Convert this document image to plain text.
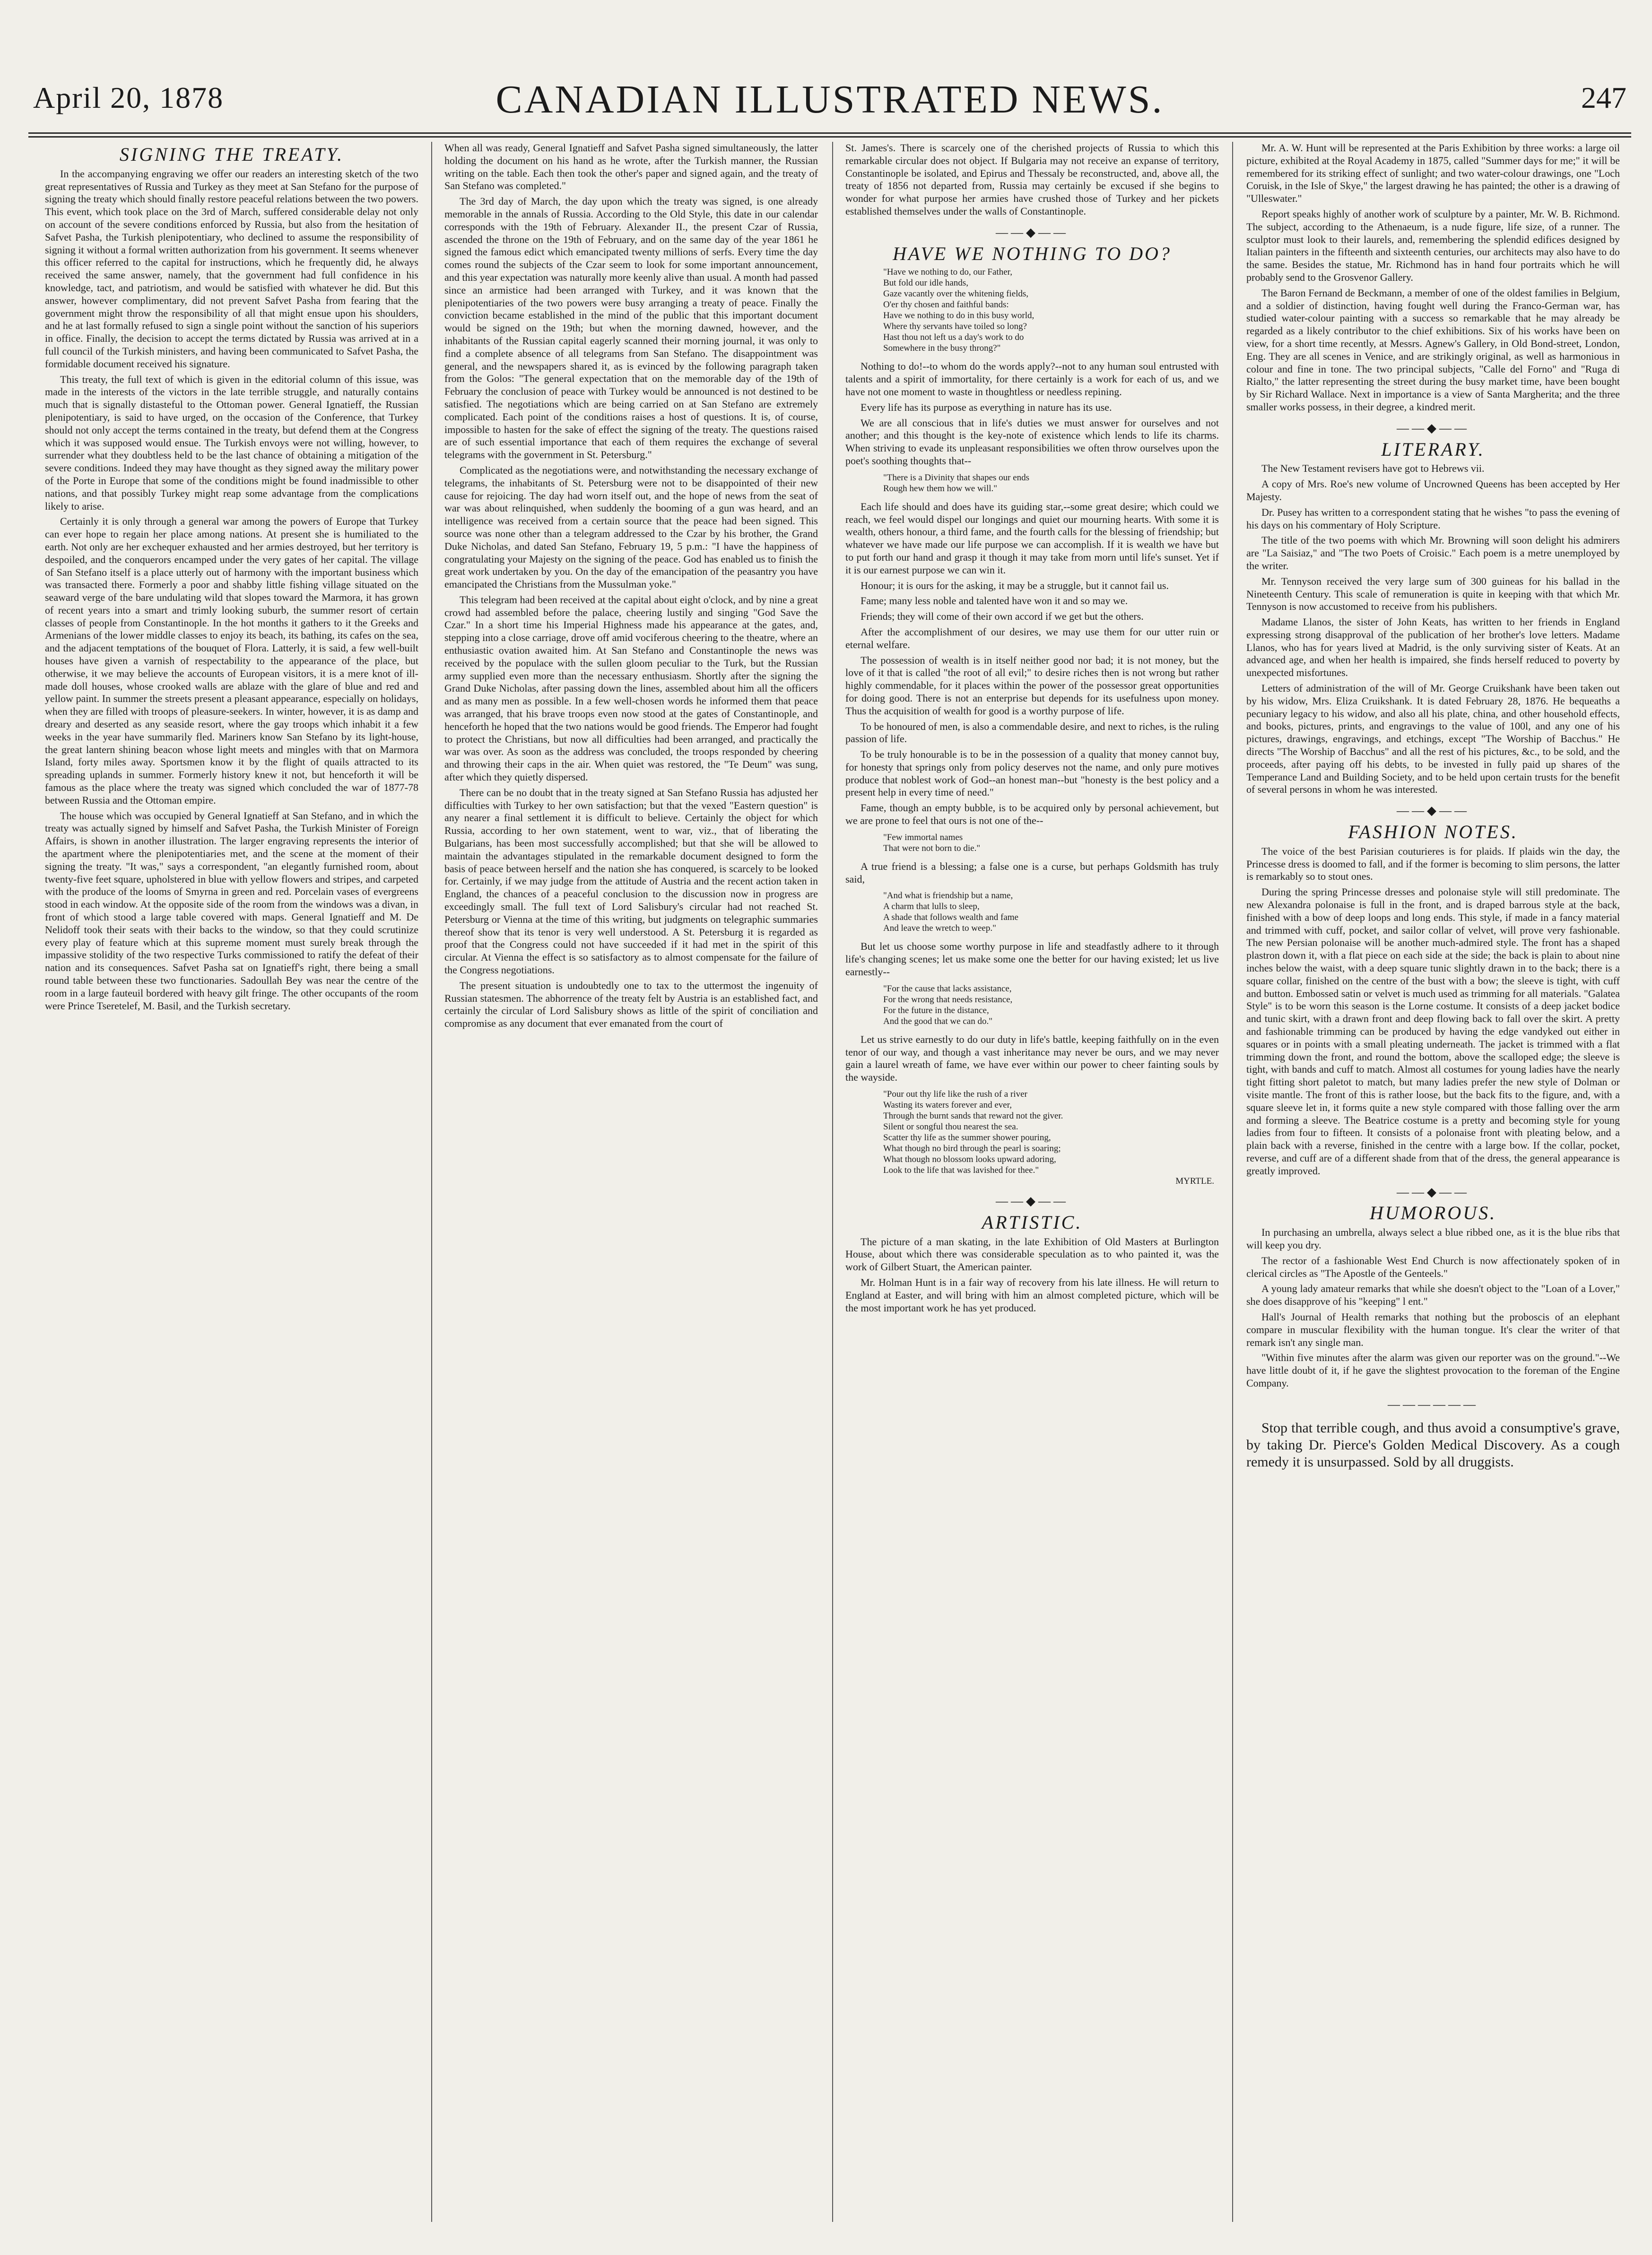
April 20, 1878	CANADIAN ILLUSTRATED NEWS.	247
SIGNING THE TREATY.

In the accompanying engraving we offer our readers an interesting sketch of the two great representatives of Russia and Turkey as they meet at San Stefano for the purpose of signing the treaty which should finally restore peaceful relations between the two powers. This event, which took place on the 3rd of March, suffered considerable delay not only on account of the severe conditions enforced by Russia, but also from the hesitation of Safvet Pasha, the Turkish plenipotentiary, who declined to assume the responsibility of signing it without a formal written authorization from his government. It seems whenever this officer referred to the capital for instructions, which he frequently did, he always received the same answer, namely, that the government had full confidence in his knowledge, tact, and patriotism, and would be satisfied with whatever he did. But this answer, however complimentary, did not prevent Safvet Pasha from fearing that the government might throw the responsibility of all that might ensue upon his shoulders, and he at last formally refused to sign a single point without the sanction of his superiors in office. Finally, the decision to accept the terms dictated by Russia was arrived at in a full council of the Turkish ministers, and having been communicated to Safvet Pasha, the formidable document received his signature.

This treaty, the full text of which is given in the editorial column of this issue, was made in the interests of the victors in the late terrible struggle, and naturally contains much that is signally distasteful to the Ottoman power. General Ignatieff, the Russian plenipotentiary, is said to have urged, on the occasion of the Conference, that Turkey should not only accept the terms contained in the treaty, but defend them at the Congress which it was supposed would ensue. The Turkish envoys were not willing, however, to surrender what they doubtless held to be the last chance of obtaining a mitigation of the severe conditions. Indeed they may have thought as they signed away the military power of the Porte in Europe that some of the conditions might be found inadmissible to other nations, and that possibly Turkey might reap some advantage from the complications likely to arise.

Certainly it is only through a general war among the powers of Europe that Turkey can ever hope to regain her place among nations. At present she is humiliated to the earth. Not only are her exchequer exhausted and her armies destroyed, but her territory is despoiled, and the conquerors encamped under the very gates of her capital. The village of San Stefano itself is a place utterly out of harmony with the important business which was transacted there. Formerly a poor and shabby little fishing village situated on the seaward verge of the bare undulating wild that slopes toward the Marmora, it has grown of recent years into a smart and trimly looking suburb, the summer resort of certain classes of people from Constantinople. In the hot months it gathers to it the Greeks and Armenians of the lower middle classes to enjoy its beach, its bathing, its cafes on the sea, and the adjacent temptations of the bouquet of Flora. Latterly, it is said, a few well-built houses have given a varnish of respectability to the appearance of the place, but otherwise, it we may believe the accounts of European visitors, it is a mere knot of ill-made doll houses, whose crooked walls are ablaze with the glare of blue and red and yellow paint. In summer the streets present a pleasant appearance, especially on holidays, when they are filled with troops of pleasure-seekers. In winter, however, it is as damp and dreary and deserted as any seaside resort, where the gay troops which inhabit it a few weeks in the year have summarily fled. Mariners know San Stefano by its light-house, the great lantern shining beacon whose light meets and mingles with that on Marmora Island, forty miles away. Sportsmen know it by the flight of quails attracted to its spreading uplands in summer. Formerly history knew it not, but henceforth it will be famous as the place where the treaty was signed which concluded the war of 1877-78 between Russia and the Ottoman empire.

The house which was occupied by General Ignatieff at San Stefano, and in which the treaty was actually signed by himself and Safvet Pasha, the Turkish Minister of Foreign Affairs, is shown in another illustration. The larger engraving represents the interior of the apartment where the plenipotentiaries met, and the scene at the moment of their signing the treaty. "It was," says a correspondent, "an elegantly furnished room, about twenty-five feet square, upholstered in blue with yellow flowers and stripes, and carpeted with the produce of the looms of Smyrna in green and red. Porcelain vases of evergreens stood in each window. At the opposite side of the room from the windows was a divan, in front of which stood a large table covered with maps. General Ignatieff and M. De Nelidoff took their seats with their backs to the window, so that they could scrutinize every play of feature which at this supreme moment must surely break through the impassive stolidity of the two respective Turks commissioned to ratify the defeat of their nation and its consequences. Safvet Pasha sat on Ignatieff's right, there being a small round table between these two functionaries. Sadoullah Bey was near the centre of the room in a large fauteuil bordered with heavy gilt fringe. The other occupants of the room were Prince Tseretelef, M. Basil, and the Turkish secretary.

When all was ready, General Ignatieff and Safvet Pasha signed simultaneously, the latter holding the document on his hand as he wrote, after the Turkish manner, the Russian writing on the table. Each then took the other's paper and signed again, and the treaty of San Stefano was completed."

The 3rd day of March, the day upon which the treaty was signed, is one already memorable in the annals of Russia. According to the Old Style, this date in our calendar corresponds with the 19th of February. Alexander II., the present Czar of Russia, ascended the throne on the 19th of February, and on the same day of the year 1861 he signed the famous edict which emancipated twenty millions of serfs. Every time the day comes round the subjects of the Czar seem to look for some important announcement, and this year expectation was naturally more keenly alive than usual. A month had passed since an armistice had been arranged with Turkey, and it was known that the plenipotentiaries of the two powers were busy arranging a treaty of peace. Finally the conviction became established in the mind of the public that this important document would be signed on the 19th; but when the morning dawned, however, and the inhabitants of the Russian capital eagerly scanned their morning journal, it was only to find a complete absence of all telegrams from San Stefano. The disappointment was general, and the newspapers shared it, as is evinced by the following paragraph taken from the Golos: "The general expectation that on the memorable day of the 19th of February the conclusion of peace with Turkey would be announced is not destined to be satisfied. The negotiations which are being carried on at San Stefano are extremely complicated. Each point of the conditions raises a host of questions. It is, of course, impossible to hasten for the sake of effect the signing of the treaty. The questions raised are of such essential importance that each of them requires the exchange of several telegrams with the government in St. Petersburg."

Complicated as the negotiations were, and notwithstanding the necessary exchange of telegrams, the inhabitants of St. Petersburg were not to be disappointed of their new cause for rejoicing. The day had worn itself out, and the hope of news from the seat of war was about relinquished, when suddenly the booming of a gun was heard, and an intelligence was received from a certain source that the peace had been signed. This source was none other than a telegram addressed to the Czar by his brother, the Grand Duke Nicholas, and dated San Stefano, February 19, 5 p.m.: "I have the happiness of congratulating your Majesty on the signing of the peace. God has enabled us to finish the great work undertaken by you. On the day of the emancipation of the peasantry you have emancipated the Christians from the Mussulman yoke."

This telegram had been received at the capital about eight o'clock, and by nine a great crowd had assembled before the palace, cheering lustily and singing "God Save the Czar." In a short time his Imperial Highness made his appearance at the gates, and, stepping into a close carriage, drove off amid vociferous cheering to the theatre, where an enthusiastic ovation awaited him. At San Stefano and Constantinople the news was received by the populace with the sullen gloom peculiar to the Turk, but the Russian army supplied even more than the necessary enthusiasm. Shortly after the signing the Grand Duke Nicholas, after passing down the lines, assembled about him all the officers and as many men as possible. In a few well-chosen words he informed them that peace was arranged, that his brave troops even now stood at the gates of Constantinople, and henceforth he hoped that the two nations would be good friends. The Emperor had fought to protect the Christians, but now all difficulties had been arranged, and practically the war was over. As soon as the address was concluded, the troops responded by cheering and throwing their caps in the air. When quiet was restored, the "Te Deum" was sung, after which they quietly dispersed.

There can be no doubt that in the treaty signed at San Stefano Russia has adjusted her difficulties with Turkey to her own satisfaction; but that the vexed "Eastern question" is any nearer a final settlement it is difficult to believe. Certainly the object for which Russia, according to her own statement, went to war, viz., that of liberating the Bulgarians, has been most successfully accomplished; but that she will be allowed to maintain the advantages stipulated in the remarkable document designed to form the basis of peace between herself and the nation she has conquered, is scarcely to be looked for. Certainly, if we may judge from the attitude of Austria and the recent action taken in England, the chances of a peaceful conclusion to the discussion now in progress are exceedingly small. The full text of Lord Salisbury's circular had not reached St. Petersburg or Vienna at the time of this writing, but judgments on telegraphic summaries thereof show that its tenor is very well understood. A St. Petersburg it is regarded as proof that the Congress could not have succeeded if it had met in the spirit of this circular. At Vienna the effect is so satisfactory as to almost compensate for the failure of the Congress negotiations.

The present situation is undoubtedly one to tax to the uttermost the ingenuity of Russian statesmen. The abhorrence of the treaty felt by Austria is an established fact, and certainly the circular of Lord Salisbury shows as little of the spirit of conciliation and compromise as any document that ever emanated from the court of

St. James's. There is scarcely one of the cherished projects of Russia to which this remarkable circular does not object. If Bulgaria may not receive an expanse of territory, Constantinople be isolated, and Epirus and Thessaly be reconstructed, and, above all, the treaty of 1856 not departed from, Russia may certainly be excused if she begins to wonder for what purpose her armies have crushed those of Turkey and her pickets established themselves under the walls of Constantinople.

——◆——
HAVE WE NOTHING TO DO?
"Have we nothing to do, our Father,
But fold our idle hands,
Gaze vacantly over the whitening fields,
O'er thy chosen and faithful bands:
Have we nothing to do in this busy world,
Where thy servants have toiled so long?
Hast thou not left us a day's work to do
Somewhere in the busy throng?"

Nothing to do!--to whom do the words apply?--not to any human soul entrusted with talents and a spirit of immortality, for there certainly is a work for each of us, and we have not one moment to waste in thoughtless or needless repining.

Every life has its purpose as everything in nature has its use.

We are all conscious that in life's duties we must answer for ourselves and not another; and this thought is the key-note of existence which lends to life its charms. When striving to evade its unpleasant responsibilities we often throw ourselves upon the poet's soothing thoughts that--

"There is a Divinity that shapes our ends
Rough hew them how we will."

Each life should and does have its guiding star,--some great desire; which could we reach, we feel would dispel our longings and quiet our mourning hearts. With some it is wealth, others honour, a third fame, and the fourth calls for the blessing of friendship; but whatever we have made our life purpose we can accomplish. If it is wealth we have but to put forth our hand and grasp it though it may take from morn until life's sunset. Yet if it is our earnest purpose we can win it.

Honour; it is ours for the asking, it may be a struggle, but it cannot fail us.

Fame; many less noble and talented have won it and so may we.

Friends; they will come of their own accord if we get but the others.

After the accomplishment of our desires, we may use them for our utter ruin or eternal welfare.

The possession of wealth is in itself neither good nor bad; it is not money, but the love of it that is called "the root of all evil;" to desire riches then is not wrong but rather highly commendable, for it places within the power of the possessor great opportunities for doing good. There is not an enterprise but depends for its usefulness upon money. Thus the acquisition of wealth for good is a worthy purpose of life.

To be honoured of men, is also a commendable desire, and next to riches, is the ruling passion of life.

To be truly honourable is to be in the possession of a quality that money cannot buy, for honesty that springs only from policy deserves not the name, and only pure motives produce that noblest work of God--an honest man--but "honesty is the best policy and a present help in every time of need."

Fame, though an empty bubble, is to be acquired only by personal achievement, but we are prone to feel that ours is not one of the--

"Few immortal names
That were not born to die."

A true friend is a blessing; a false one is a curse, but perhaps Goldsmith has truly said,

"And what is friendship but a name,
A charm that lulls to sleep,
A shade that follows wealth and fame
And leave the wretch to weep."

But let us choose some worthy purpose in life and steadfastly adhere to it through life's changing scenes; let us make some one the better for our having existed; let us live earnestly--

"For the cause that lacks assistance,
For the wrong that needs resistance,
For the future in the distance,
And the good that we can do."

Let us strive earnestly to do our duty in life's battle, keeping faithfully on in the even tenor of our way, and though a vast inheritance may never be ours, and we may never gain a laurel wreath of fame, we have ever within our power to cheer fainting souls by the wayside.

"Pour out thy life like the rush of a river
Wasting its waters forever and ever,
Through the burnt sands that reward not the giver.
Silent or songful thou nearest the sea.
Scatter thy life as the summer shower pouring,
What though no bird through the pearl is soaring;
What though no blossom looks upward adoring,
Look to the life that was lavished for thee."
MYRTLE.
——◆——
ARTISTIC.

The picture of a man skating, in the late Exhibition of Old Masters at Burlington House, about which there was considerable speculation as to who painted it, was the work of Gilbert Stuart, the American painter.

Mr. Holman Hunt is in a fair way of recovery from his late illness. He will return to England at Easter, and will bring with him an almost completed picture, which will be the most important work he has yet produced.

Mr. A. W. Hunt will be represented at the Paris Exhibition by three works: a large oil picture, exhibited at the Royal Academy in 1875, called "Summer days for me;" it will be remembered for its striking effect of sunlight; and two water-colour drawings, one "Loch Coruisk, in the Isle of Skye," the largest drawing he has painted; the other is a drawing of "Ulleswater."

Report speaks highly of another work of sculpture by a painter, Mr. W. B. Richmond. The subject, according to the Athenaeum, is a nude figure, life size, of a runner. The sculptor must look to their laurels, and, remembering the splendid edifices designed by Italian painters in the fifteenth and sixteenth centuries, our architects may also have to do the same. Besides the statue, Mr. Richmond has in hand four portraits which he will probably send to the Grosvenor Gallery.

The Baron Fernand de Beckmann, a member of one of the oldest families in Belgium, and a soldier of distinction, having fought well during the Franco-German war, has studied water-colour painting with a success so remarkable that he may already be regarded as a likely contributor to the chief exhibitions. Six of his works have been on view, for a short time recently, at Messrs. Agnew's Gallery, in Old Bond-street, London, Eng. They are all scenes in Venice, and are strikingly original, as well as harmonious in colour and fine in tone. The two principal subjects, "Calle del Forno" and "Ruga di Rialto," the latter representing the street during the busy market time, have been bought by Sir Richard Wallace. Next in importance is a view of Santa Margherita; and the three smaller works possess, in their degree, a kindred merit.

——◆——
LITERARY.

The New Testament revisers have got to Hebrews vii.

A copy of Mrs. Roe's new volume of Uncrowned Queens has been accepted by Her Majesty.

Dr. Pusey has written to a correspondent stating that he wishes "to pass the evening of his days on his commentary of Holy Scripture.

The title of the two poems with which Mr. Browning will soon delight his admirers are "La Saisiaz," and "The two Poets of Croisic." Each poem is a metre unemployed by the writer.

Mr. Tennyson received the very large sum of 300 guineas for his ballad in the Nineteenth Century. This scale of remuneration is quite in keeping with that which Mr. Tennyson is now accustomed to receive from his publishers.

Madame Llanos, the sister of John Keats, has written to her friends in England expressing strong disapproval of the publication of her brother's love letters. Madame Llanos, who has for years lived at Madrid, is the only surviving sister of Keats. At an advanced age, and when her health is impaired, she finds herself reduced to poverty by unexpected misfortunes.

Letters of administration of the will of Mr. George Cruikshank have been taken out by his widow, Mrs. Eliza Cruikshank. It is dated February 28, 1876. He bequeaths a pecuniary legacy to his widow, and also all his plate, china, and other household effects, and books, pictures, prints, and engravings to the value of 100l, and any one of his pictures, drawings, engravings, and etchings, except "The Worship of Bacchus." He directs "The Worship of Bacchus" and all the rest of his pictures, &c., to be sold, and the proceeds, after paying off his debts, to be invested in fully paid up shares of the Temperance Land and Building Society, and to be held upon certain trusts for the benefit of several persons in whom he was interested.

——◆——
FASHION NOTES.

The voice of the best Parisian couturieres is for plaids. If plaids win the day, the Princesse dress is doomed to fall, and if the former is becoming to slim persons, the latter is remarkably so to stout ones.

During the spring Princesse dresses and polonaise style will still predominate. The new Alexandra polonaise is full in the front, and is draped barrous style at the back, finished with a bow of deep loops and long ends. This style, if made in a fancy material and trimmed with cuff, pocket, and sailor collar of velvet, will prove very fashionable. The new Persian polonaise will be another much-admired style. The front has a shaped plastron down it, with a flat piece on each side at the side; the back is plain to about nine inches below the waist, with a deep square tunic slightly drawn in to the back; there is a square collar, finished on the centre of the bust with a bow; the sleeve is tight, with cuff and button. Embossed satin or velvet is much used as trimming for all materials. "Galatea Style" is to be worn this season is the Lorne costume. It consists of a deep jacket bodice and tunic skirt, with a drawn front and deep flowing back to fall over the skirt. A pretty and fashionable trimming can be produced by having the edge vandyked out either in squares or in points with a small pleating underneath. The jacket is trimmed with a flat trimming down the front, and round the bottom, above the scalloped edge; the sleeve is tight, with bands and cuff to match. Almost all costumes for young ladies have the nearly tight fitting short paletot to match, but many ladies prefer the new style of Dolman or visite mantle. The front of this is rather loose, but the back fits to the figure, and, with a square sleeve let in, it forms quite a new style compared with those falling over the arm and forming a sleeve. The Beatrice costume is a pretty and becoming style for young ladies from four to fifteen. It consists of a polonaise front with pleating below, and a plain back with a reverse, finished in the centre with a large bow. If the collar, pocket, reverse, and cuff are of a different shade from that of the dress, the general appearance is greatly improved.

——◆——
HUMOROUS.

In purchasing an umbrella, always select a blue ribbed one, as it is the blue ribs that will keep you dry.

The rector of a fashionable West End Church is now affectionately spoken of in clerical circles as "The Apostle of the Genteels."

A young lady amateur remarks that while she doesn't object to the "Loan of a Lover," she does disapprove of his "keeping" l ent."

Hall's Journal of Health remarks that nothing but the proboscis of an elephant compare in muscular flexibility with the human tongue. It's clear the writer of that remark isn't any single man.

"Within five minutes after the alarm was given our reporter was on the ground."--We have little doubt of it, if he gave the slightest provocation to the foreman of the Engine Company.

——————

Stop that terrible cough, and thus avoid a consumptive's grave, by taking Dr. Pierce's Golden Medical Discovery. As a cough remedy it is unsurpassed. Sold by all druggists.
